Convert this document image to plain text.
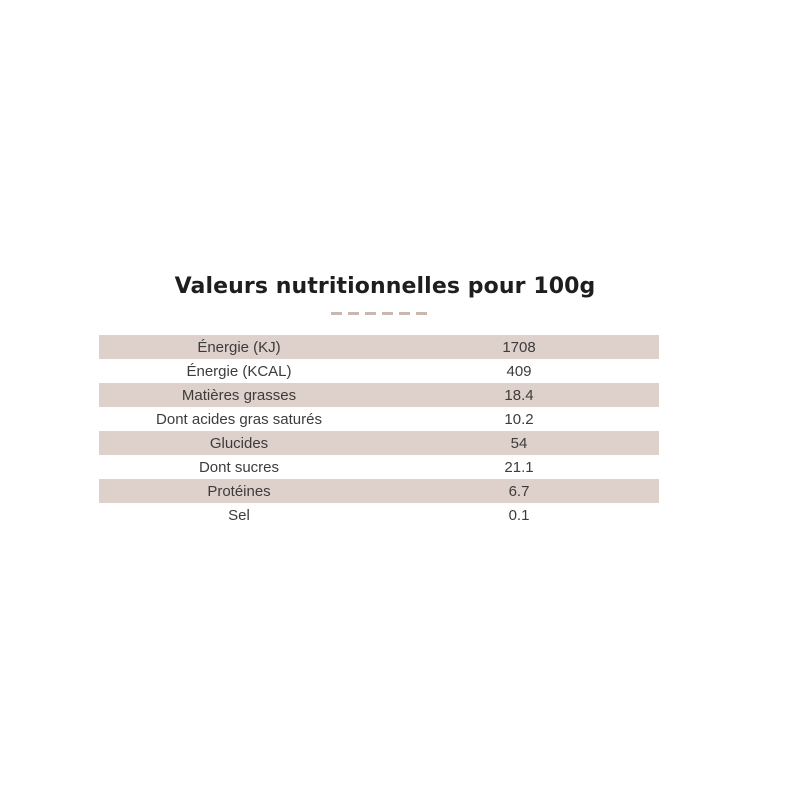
Valeurs nutritionnelles pour 100g
Énergie (KJ)	1708
Énergie (KCAL)	409
Matières grasses	18.4
Dont acides gras saturés	10.2
Glucides	54
Dont sucres	21.1
Protéines	6.7
Sel	0.1
